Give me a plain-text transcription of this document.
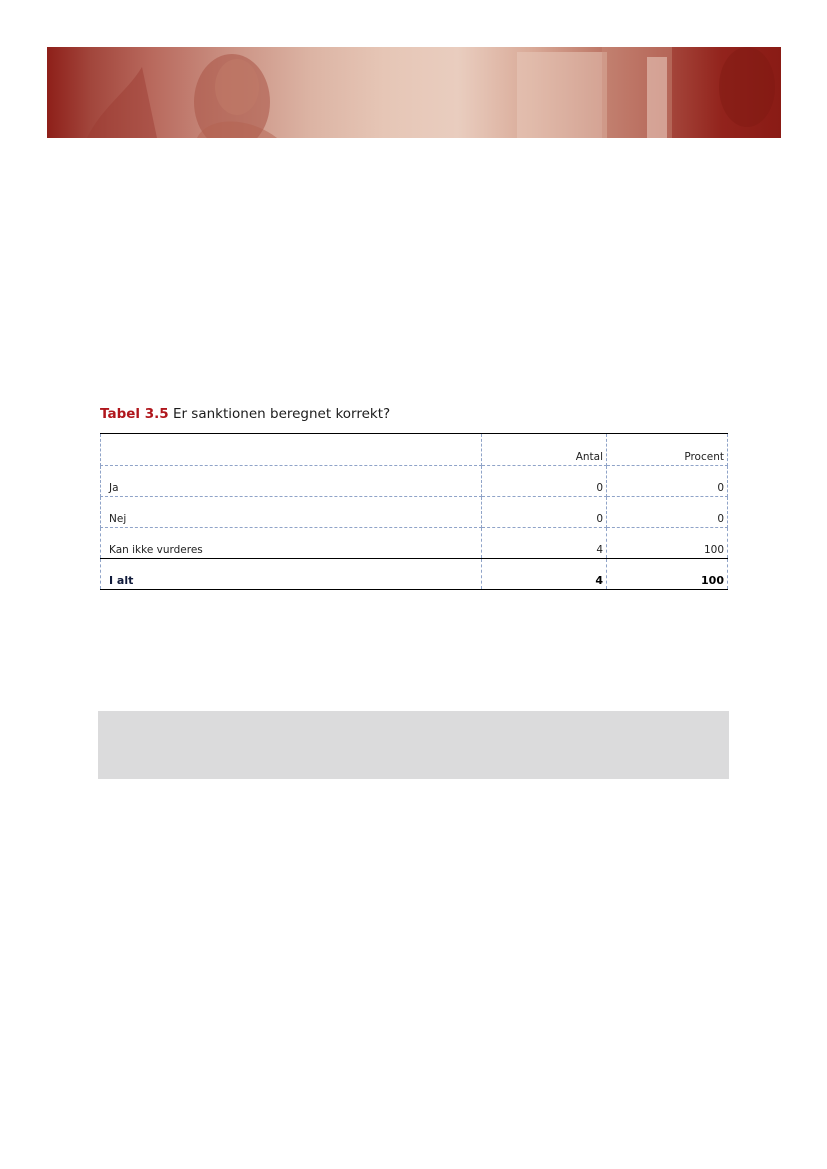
Tabel 3.5 Er sanktionen beregnet korrekt?
	Antal	Procent
Ja	0	0
Nej	0	0
Kan ikke vurderes	4	100
I alt	4	100
